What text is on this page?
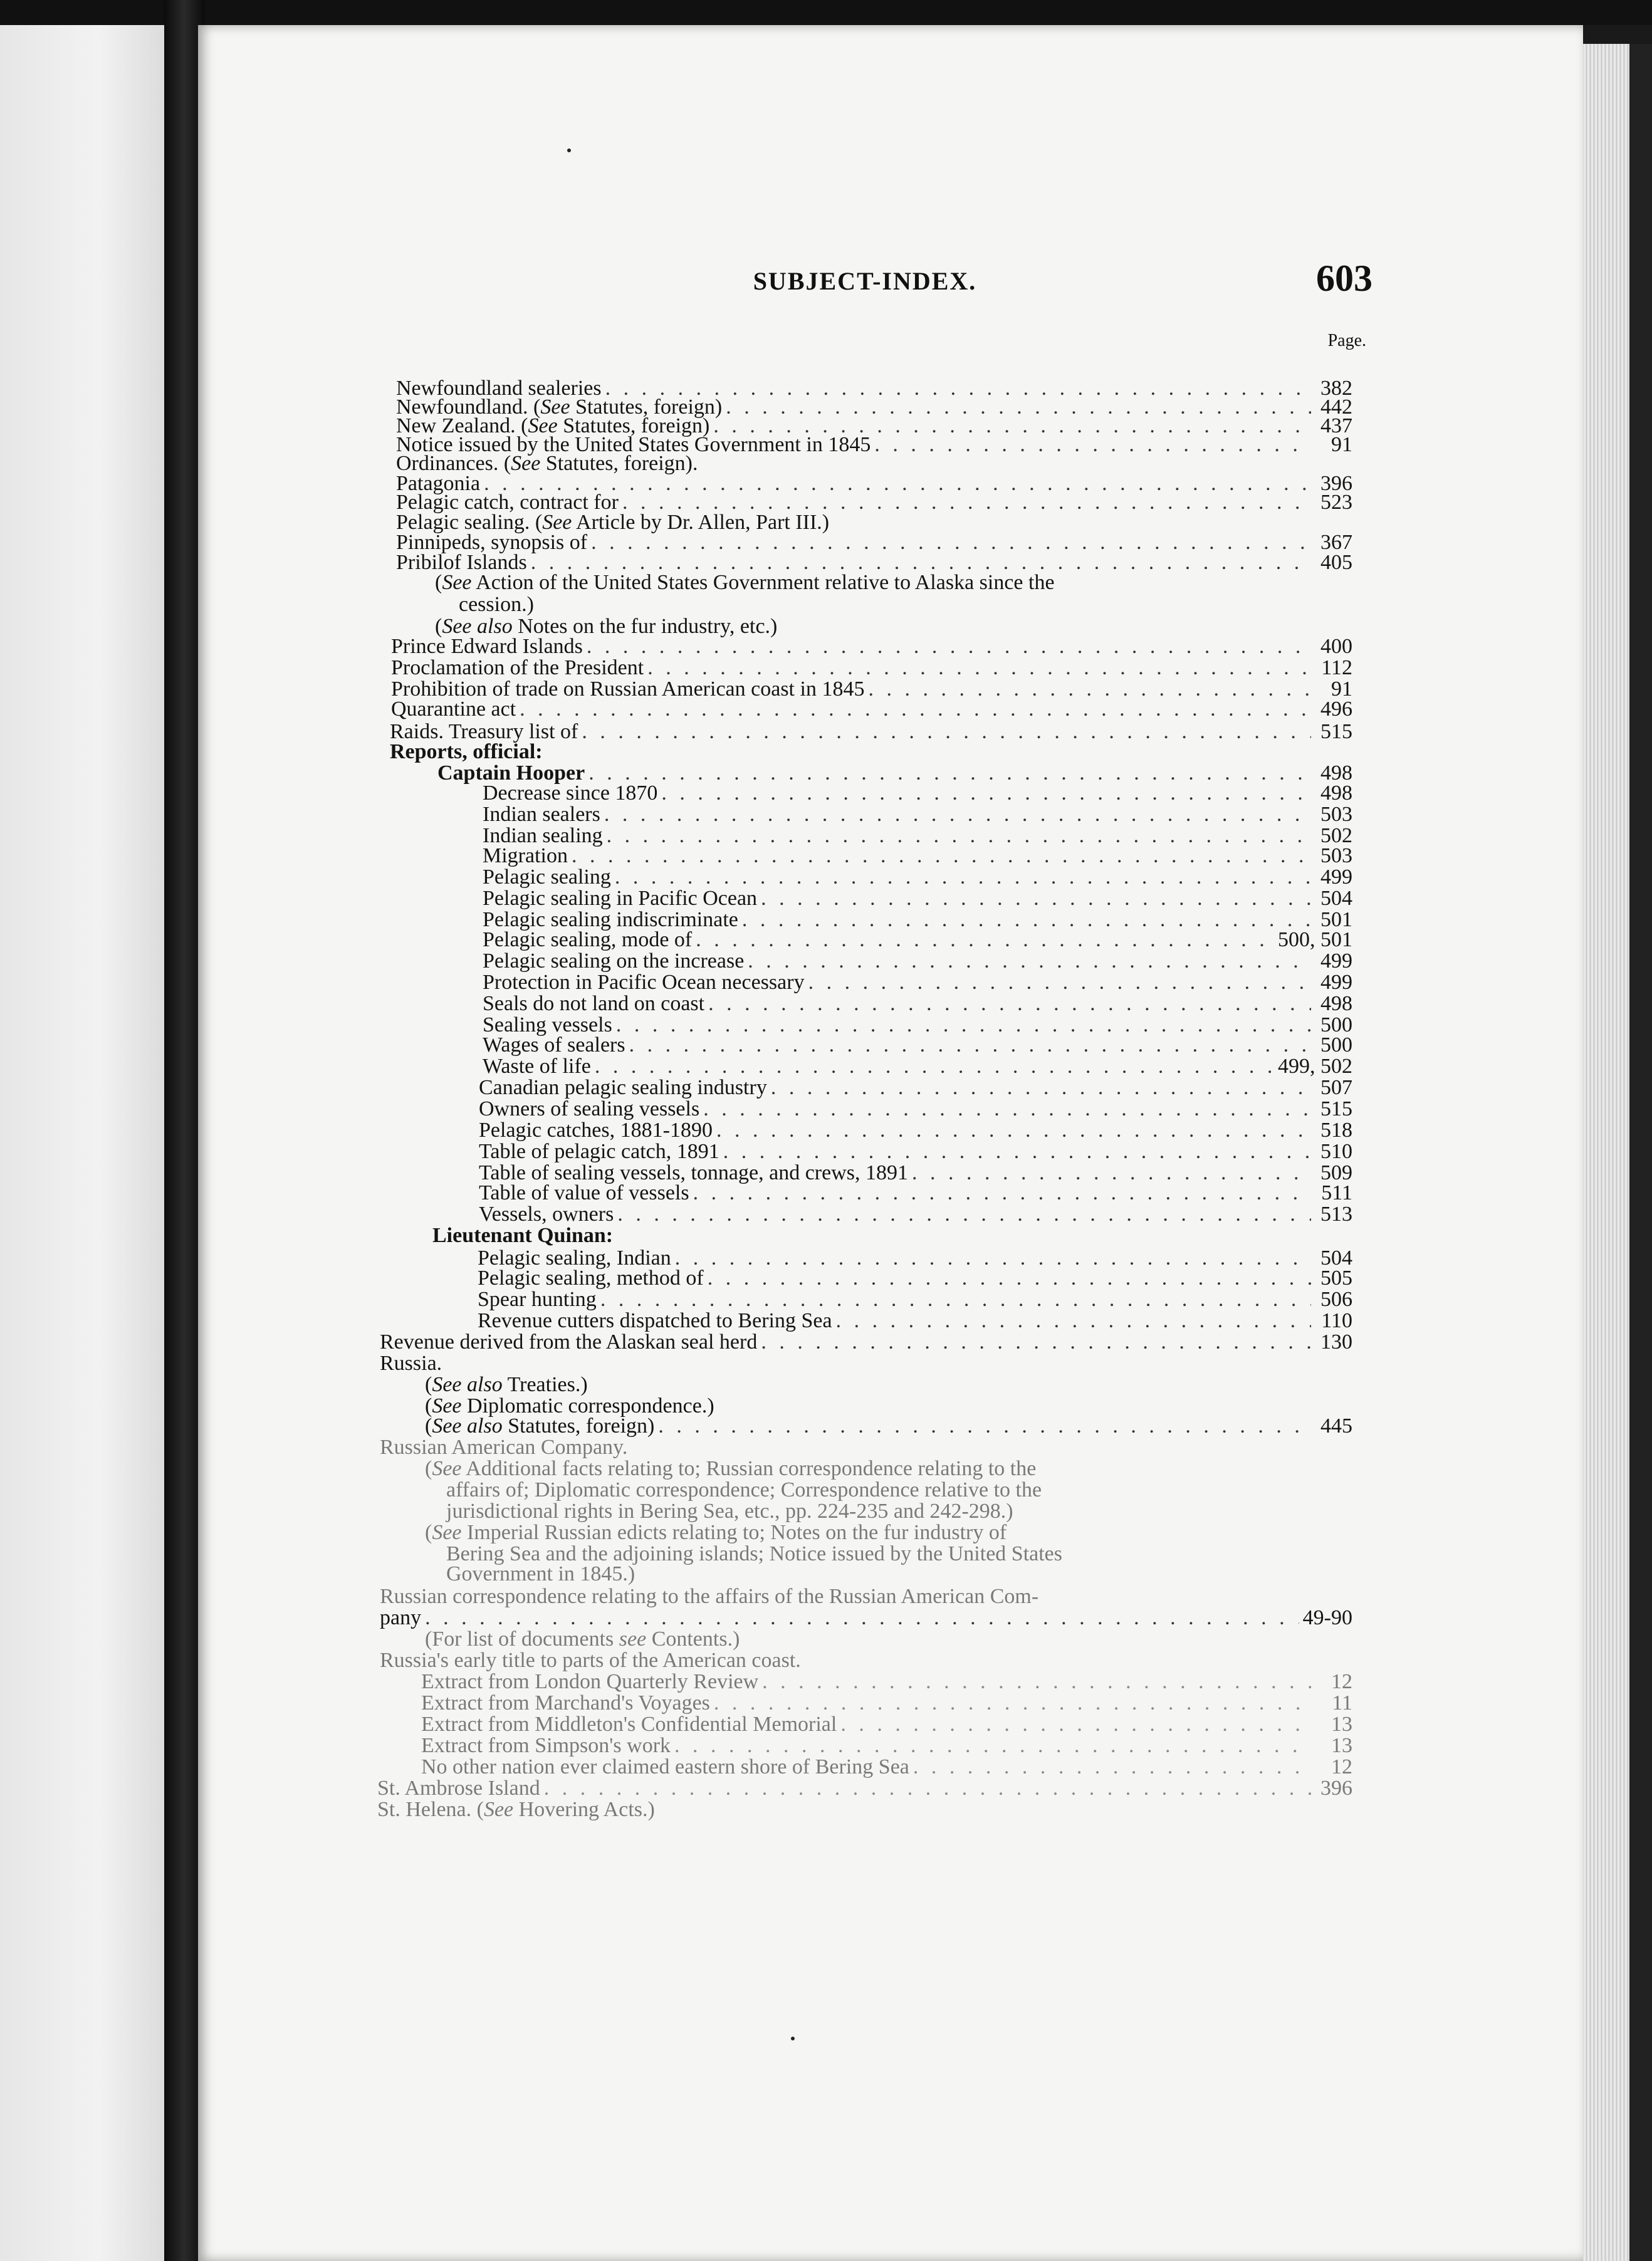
SUBJECT-INDEX.	603
Page.
Newfoundland sealeries . . .	382
Newfoundland. (See Statutes, foreign) . . .	442
New Zealand. (See Statutes, foreign) . . .	437
Notice issued by the United States Government in 1845 . . .	91
Ordinances. (See Statutes, foreign).
Patagonia . . .	396
Pelagic catch, contract for . . .	523
Pelagic sealing. (See Article by Dr. Allen, Part III.)
Pinnipeds, synopsis of . . .	367
Pribilof Islands . . .	405
(See Action of the United States Government relative to Alaska since the
cession.)
(See also Notes on the fur industry, etc.)
Prince Edward Islands . . .	400
Proclamation of the President . . .	112
Prohibition of trade on Russian American coast in 1845 . . .	91
Quarantine act . . .	496
Raids. Treasury list of . . .	515
Reports, official:
Captain Hooper . . .	498
Decrease since 1870 . . .	498
Indian sealers . . .	503
Indian sealing . . .	502
Migration . . .	503
Pelagic sealing . . .	499
Pelagic sealing in Pacific Ocean . . .	504
Pelagic sealing indiscriminate . . .	501
Pelagic sealing, mode of . . .	500, 501
Pelagic sealing on the increase . . .	499
Protection in Pacific Ocean necessary . . .	499
Seals do not land on coast . . .	498
Sealing vessels . . .	500
Wages of sealers . . .	500
Waste of life . . .	499, 502
Canadian pelagic sealing industry . . .	507
Owners of sealing vessels . . .	515
Pelagic catches, 1881-1890 . . .	518
Table of pelagic catch, 1891 . . .	510
Table of sealing vessels, tonnage, and crews, 1891 . . .	509
Table of value of vessels . . .	511
Vessels, owners . . .	513
Lieutenant Quinan:
Pelagic sealing, Indian . . .	504
Pelagic sealing, method of . . .	505
Spear hunting . . .	506
Revenue cutters dispatched to Bering Sea . . .	110
Revenue derived from the Alaskan seal herd . . .	130
Russia.
(See also Treaties.)
(See Diplomatic correspondence.)
(See also Statutes, foreign) . . .	445
Russian American Company.
(See Additional facts relating to; Russian correspondence relating to the
affairs of; Diplomatic correspondence; Correspondence relative to the
jurisdictional rights in Bering Sea, etc., pp. 224-235 and 242-298.)
(See Imperial Russian edicts relating to; Notes on the fur industry of
Bering Sea and the adjoining islands; Notice issued by the United States
Government in 1845.)
Russian correspondence relating to the affairs of the Russian American Com-
pany . . .	49-90
(For list of documents see Contents.)
Russia's early title to parts of the American coast.
Extract from London Quarterly Review . . .	12
Extract from Marchand's Voyages . . .	11
Extract from Middleton's Confidential Memorial . . .	13
Extract from Simpson's work . . .	13
No other nation ever claimed eastern shore of Bering Sea . . .	12
St. Ambrose Island . . .	396
St. Helena. (See Hovering Acts.)
